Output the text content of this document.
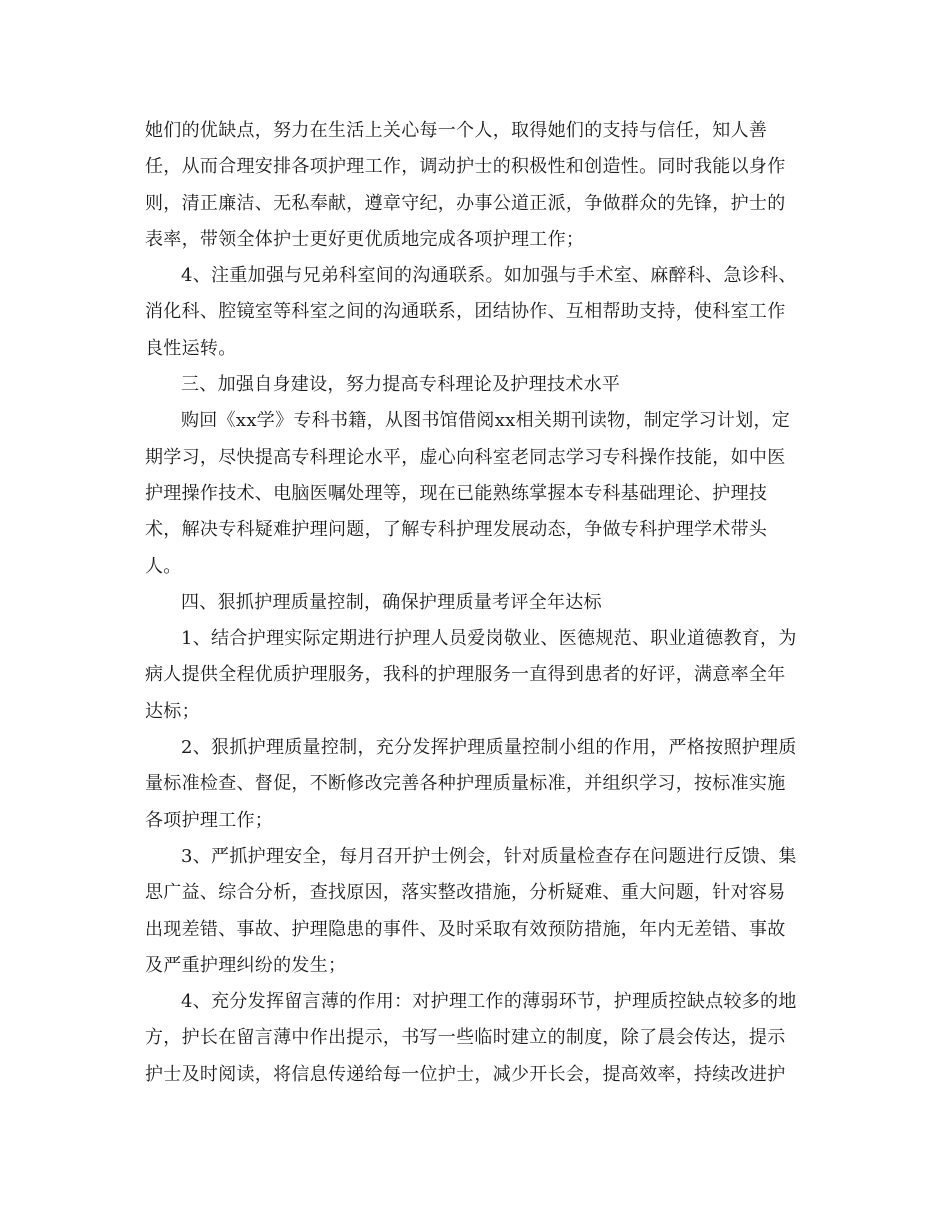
她们的优缺点，努力在生活上关心每一个人，取得她们的支持与信任，知人善
任，从而合理安排各项护理工作，调动护士的积极性和创造性。同时我能以身作
则，清正廉洁、无私奉献，遵章守纪，办事公道正派，争做群众的先锋，护士的
表率，带领全体护士更好更优质地完成各项护理工作；
4、注重加强与兄弟科室间的沟通联系。如加强与手术室、麻醉科、急诊科、
消化科、腔镜室等科室之间的沟通联系，团结协作、互相帮助支持，使科室工作
良性运转。
三、加强自身建设，努力提高专科理论及护理技术水平
购回《xx学》专科书籍，从图书馆借阅xx相关期刊读物，制定学习计划，定
期学习，尽快提高专科理论水平，虚心向科室老同志学习专科操作技能，如中医
护理操作技术、电脑医嘱处理等，现在已能熟练掌握本专科基础理论、护理技
术，解决专科疑难护理问题，了解专科护理发展动态，争做专科护理学术带头
人。
四、狠抓护理质量控制，确保护理质量考评全年达标
1、结合护理实际定期进行护理人员爱岗敬业、医德规范、职业道德教育，为
病人提供全程优质护理服务，我科的护理服务一直得到患者的好评，满意率全年
达标；
2、狠抓护理质量控制，充分发挥护理质量控制小组的作用，严格按照护理质
量标准检查、督促，不断修改完善各种护理质量标准，并组织学习，按标准实施
各项护理工作；
3、严抓护理安全，每月召开护士例会，针对质量检查存在问题进行反馈、集
思广益、综合分析，查找原因，落实整改措施，分析疑难、重大问题，针对容易
出现差错、事故、护理隐患的事件、及时采取有效预防措施，年内无差错、事故
及严重护理纠纷的发生；
4、充分发挥留言薄的作用：对护理工作的薄弱环节，护理质控缺点较多的地
方，护长在留言薄中作出提示，书写一些临时建立的制度，除了晨会传达，提示
护士及时阅读，将信息传递给每一位护士，减少开长会，提高效率，持续改进护
